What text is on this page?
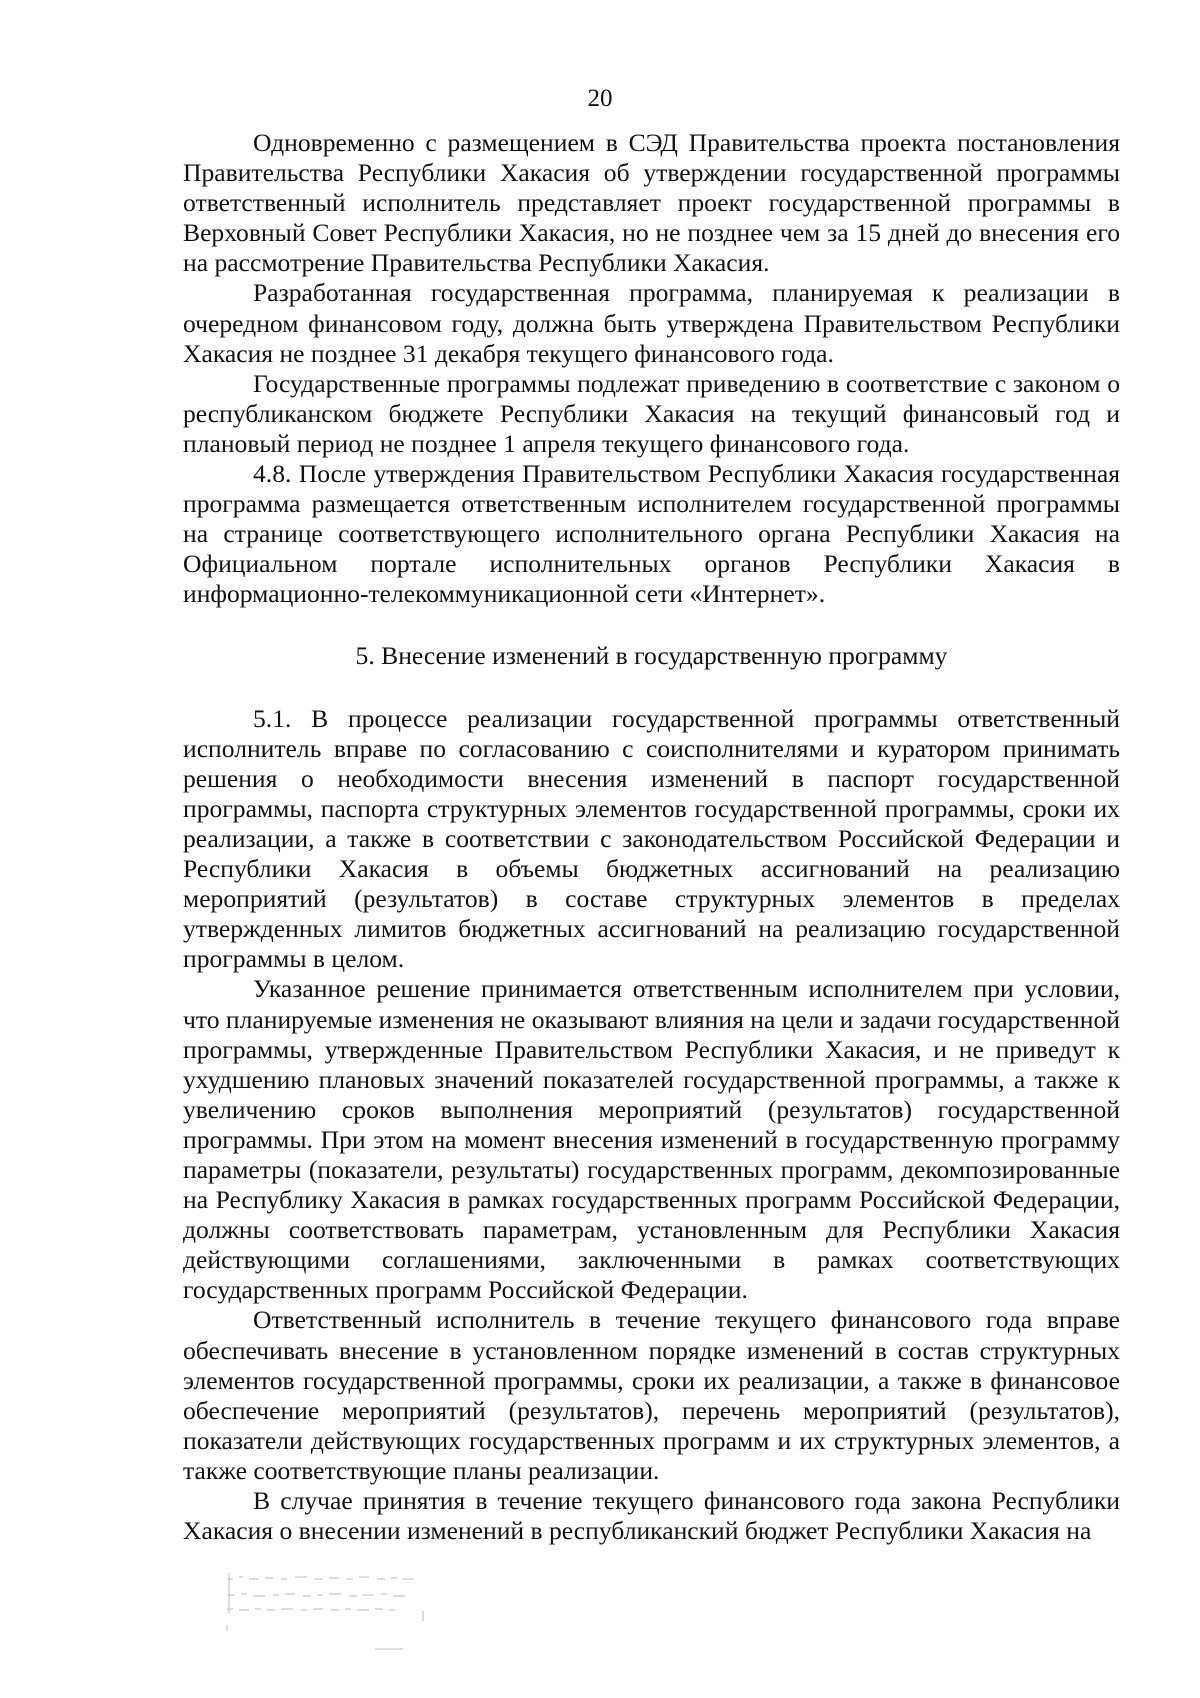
20

Одновременно с размещением в СЭД Правительства проекта постановления Правительства Республики Хакасия об утверждении государственной программы ответственный исполнитель представляет проект государственной программы в Верховный Совет Республики Хакасия, но не позднее чем за 15 дней до внесения его на рассмотрение Правительства Республики Хакасия.

Разработанная государственная программа, планируемая к реализации в очередном финансовом году, должна быть утверждена Правительством Республики Хакасия не позднее 31 декабря текущего финансового года.

Государственные программы подлежат приведению в соответствие с законом о республиканском бюджете Республики Хакасия на текущий финансовый год и плановый период не позднее 1 апреля текущего финансового года.

4.8. После утверждения Правительством Республики Хакасия государственная программа размещается ответственным исполнителем государственной программы на странице соответствующего исполнительного органа Республики Хакасия на Официальном портале исполнительных органов Республики Хакасия в информационно-телекоммуникационной сети «Интернет».

5. Внесение изменений в государственную программу

5.1. В процессе реализации государственной программы ответственный исполнитель вправе по согласованию с соисполнителями и куратором принимать решения о необходимости внесения изменений в паспорт государственной программы, паспорта структурных элементов государственной программы, сроки их реализации, а также в соответствии с законодательством Российской Федерации и Республики Хакасия в объемы бюджетных ассигнований на реализацию мероприятий (результатов) в составе структурных элементов в пределах утвержденных лимитов бюджетных ассигнований на реализацию государственной программы в целом.

Указанное решение принимается ответственным исполнителем при условии, что планируемые изменения не оказывают влияния на цели и задачи государственной программы, утвержденные Правительством Республики Хакасия, и не приведут к ухудшению плановых значений показателей государственной программы, а также к увеличению сроков выполнения мероприятий (результатов) государственной программы. При этом на момент внесения изменений в государственную программу параметры (показатели, результаты) государственных программ, декомпозированные на Республику Хакасия в рамках государственных программ Российской Федерации, должны соответствовать параметрам, установленным для Республики Хакасия действующими соглашениями, заключенными в рамках соответствующих государственных программ Российской Федерации.

Ответственный исполнитель в течение текущего финансового года вправе обеспечивать внесение в установленном порядке изменений в состав структурных элементов государственной программы, сроки их реализации, а также в финансовое обеспечение мероприятий (результатов), перечень мероприятий (результатов), показатели действующих государственных программ и их структурных элементов, а также соответствующие планы реализации.

В случае принятия в течение текущего финансового года закона Республики Хакасия о внесении изменений в республиканский бюджет Республики Хакасия на
